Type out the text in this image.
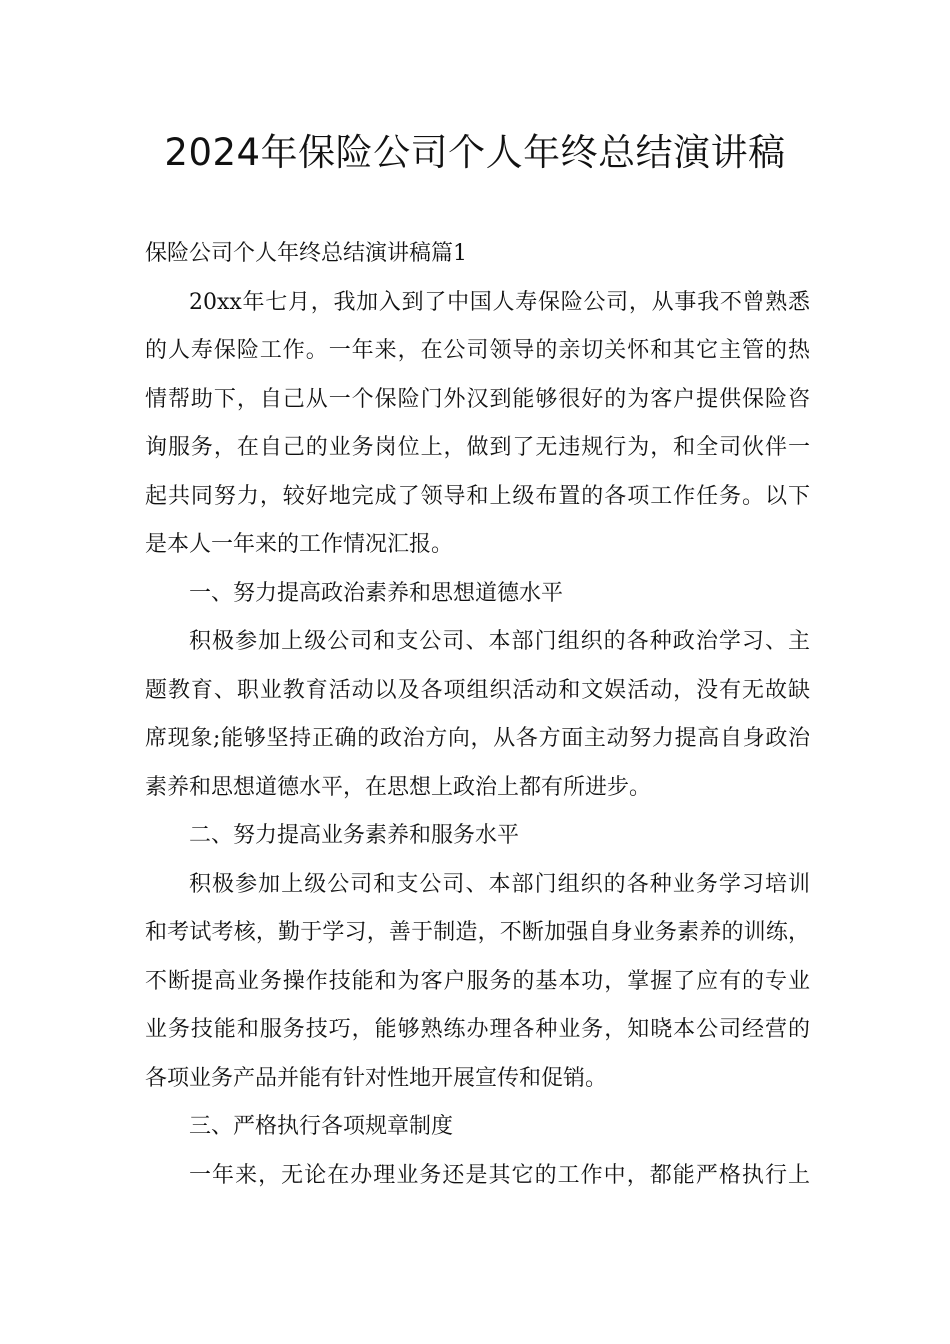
2024年保险公司个人年终总结演讲稿
保险公司个人年终总结演讲稿篇1
20xx年七月，我加入到了中国人寿保险公司，从事我不曾熟悉
的人寿保险工作。一年来，在公司领导的亲切关怀和其它主管的热
情帮助下，自己从一个保险门外汉到能够很好的为客户提供保险咨
询服务，在自己的业务岗位上，做到了无违规行为，和全司伙伴一
起共同努力，较好地完成了领导和上级布置的各项工作任务。以下
是本人一年来的工作情况汇报。
一、努力提高政治素养和思想道德水平
积极参加上级公司和支公司、本部门组织的各种政治学习、主
题教育、职业教育活动以及各项组织活动和文娱活动，没有无故缺
席现象;能够坚持正确的政治方向，从各方面主动努力提高自身政治
素养和思想道德水平，在思想上政治上都有所进步。
二、努力提高业务素养和服务水平
积极参加上级公司和支公司、本部门组织的各种业务学习培训
和考试考核，勤于学习，善于制造，不断加强自身业务素养的训练，
不断提高业务操作技能和为客户服务的基本功，掌握了应有的专业
业务技能和服务技巧，能够熟练办理各种业务，知晓本公司经营的
各项业务产品并能有针对性地开展宣传和促销。
三、严格执行各项规章制度
一年来，无论在办理业务还是其它的工作中，都能严格执行上
